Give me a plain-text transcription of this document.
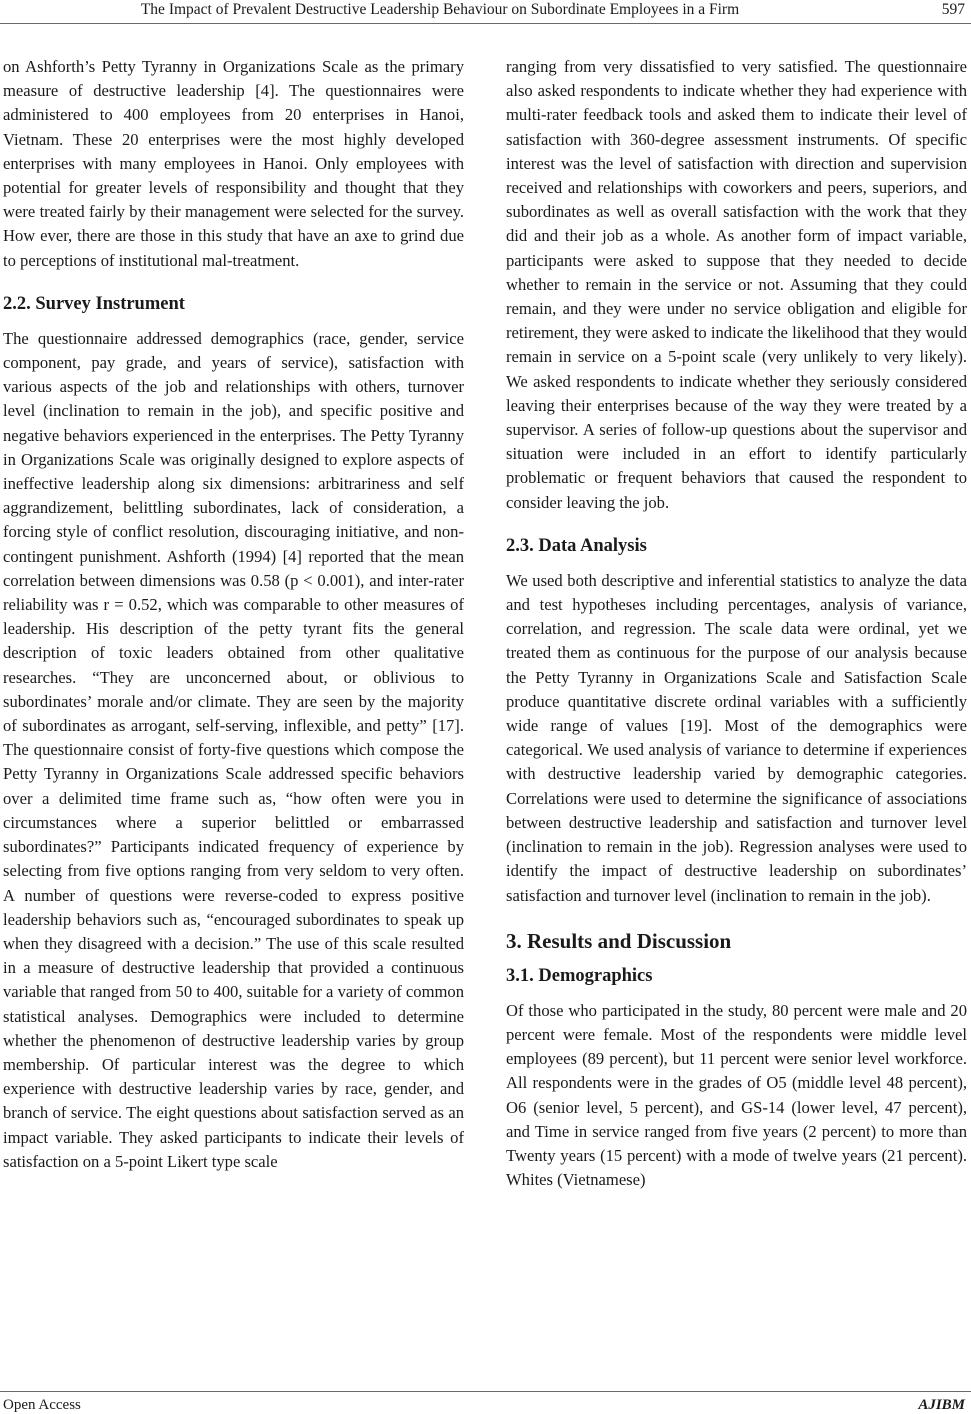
The Impact of Prevalent Destructive Leadership Behaviour on Subordinate Employees in a Firm	597

on Ashforth’s Petty Tyranny in Organizations Scale as the primary measure of destructive leadership [4]. The questionnaires were administered to 400 employees from 20 enterprises in Hanoi, Vietnam. These 20 enterprises were the most highly developed enterprises with many employees in Hanoi. Only employees with potential for greater levels of responsibility and thought that they were treated fairly by their management were selected for the survey. How ever, there are those in this study that have an axe to grind due to perceptions of institutional mal-treatment.

2.2. Survey Instrument

The questionnaire addressed demographics (race, gender, service component, pay grade, and years of service), satisfaction with various aspects of the job and relationships with others, turnover level (inclination to remain in the job), and specific positive and negative behaviors experienced in the enterprises. The Petty Tyranny in Organizations Scale was originally designed to explore aspects of ineffective leadership along six dimensions: arbitrariness and self aggrandizement, belittling subordinates, lack of consideration, a forcing style of conflict resolution, discouraging initiative, and non-contingent punishment. Ashforth (1994) [4] reported that the mean correlation between dimensions was 0.58 (p < 0.001), and inter-rater reliability was r = 0.52, which was comparable to other measures of leadership. His description of the petty tyrant fits the general description of toxic leaders obtained from other qualitative researches. “They are unconcerned about, or oblivious to subordinates’ morale and/or climate. They are seen by the majority of subordinates as arrogant, self-serving, inflexible, and petty” [17]. The questionnaire consist of forty-five questions which compose the Petty Tyranny in Organizations Scale addressed specific behaviors over a delimited time frame such as, “how often were you in circumstances where a superior belittled or embarrassed subordinates?” Participants indicated frequency of experience by selecting from five options ranging from very seldom to very often. A number of questions were reverse-coded to express positive leadership behaviors such as, “encouraged subordinates to speak up when they disagreed with a decision.” The use of this scale resulted in a measure of destructive leadership that provided a continuous variable that ranged from 50 to 400, suitable for a variety of common statistical analyses. Demographics were included to determine whether the phenomenon of destructive leadership varies by group membership. Of particular interest was the degree to which experience with destructive leadership varies by race, gender, and branch of service. The eight questions about satisfaction served as an impact variable. They asked participants to indicate their levels of satisfaction on a 5-point Likert type scale

ranging from very dissatisfied to very satisfied. The questionnaire also asked respondents to indicate whether they had experience with multi-rater feedback tools and asked them to indicate their level of satisfaction with 360-degree assessment instruments. Of specific interest was the level of satisfaction with direction and supervision received and relationships with coworkers and peers, superiors, and subordinates as well as overall satisfaction with the work that they did and their job as a whole. As another form of impact variable, participants were asked to suppose that they needed to decide whether to remain in the service or not. Assuming that they could remain, and they were under no service obligation and eligible for retirement, they were asked to indicate the likelihood that they would remain in service on a 5-point scale (very unlikely to very likely). We asked respondents to indicate whether they seriously considered leaving their enterprises because of the way they were treated by a supervisor. A series of follow-up questions about the supervisor and situation were included in an effort to identify particularly problematic or frequent behaviors that caused the respondent to consider leaving the job.

2.3. Data Analysis

We used both descriptive and inferential statistics to analyze the data and test hypotheses including percentages, analysis of variance, correlation, and regression. The scale data were ordinal, yet we treated them as continuous for the purpose of our analysis because the Petty Tyranny in Organizations Scale and Satisfaction Scale produce quantitative discrete ordinal variables with a sufficiently wide range of values [19]. Most of the demographics were categorical. We used analysis of variance to determine if experiences with destructive leadership varied by demographic categories. Correlations were used to determine the significance of associations between destructive leadership and satisfaction and turnover level (inclination to remain in the job). Regression analyses were used to identify the impact of destructive leadership on subordinates’ satisfaction and turnover level (inclination to remain in the job).

3. Results and Discussion
3.1. Demographics

Of those who participated in the study, 80 percent were male and 20 percent were female. Most of the respondents were middle level employees (89 percent), but 11 percent were senior level workforce. All respondents were in the grades of O5 (middle level 48 percent), O6 (senior level, 5 percent), and GS-14 (lower level, 47 percent), and Time in service ranged from five years (2 percent) to more than Twenty years (15 percent) with a mode of twelve years (21 percent). Whites (Vietnamese)

Open Access	AJIBM
